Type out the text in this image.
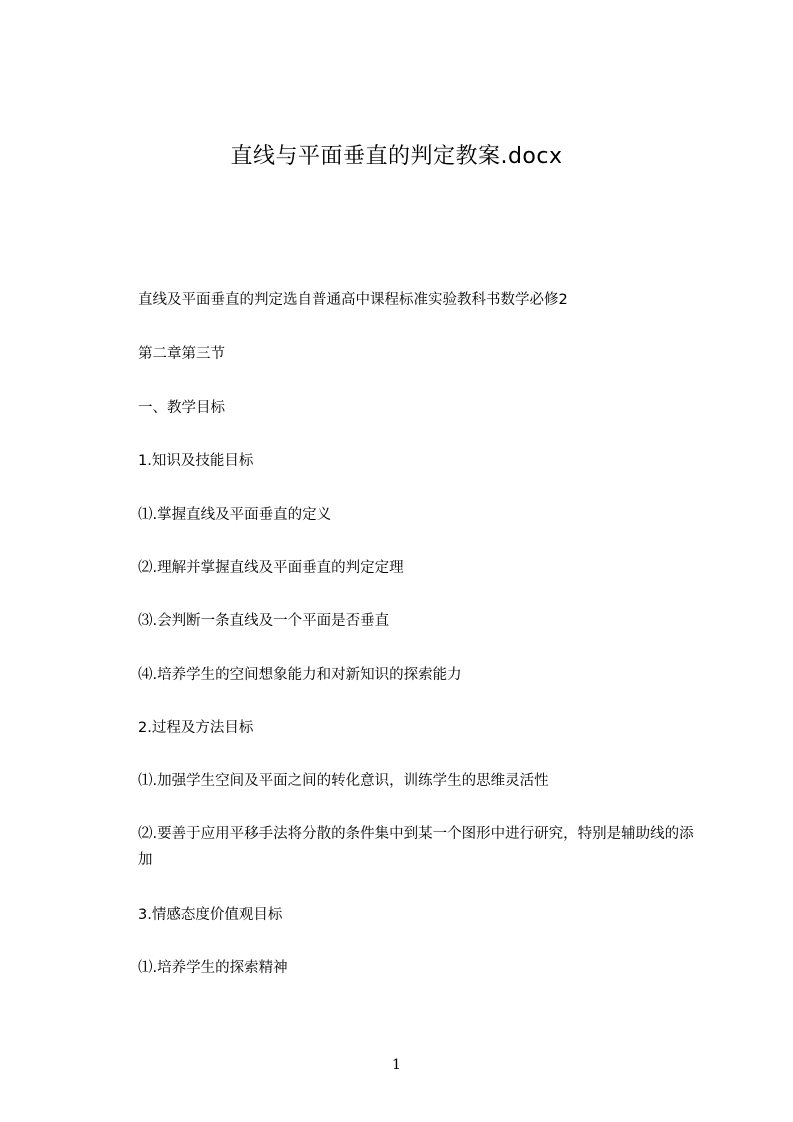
直线与平面垂直的判定教案.docx
直线及平面垂直的判定选自普通高中课程标准实验教科书数学必修2
第二章第三节
一、教学目标
1.知识及技能目标
⑴.掌握直线及平面垂直的定义
⑵.理解并掌握直线及平面垂直的判定定理
⑶.会判断一条直线及一个平面是否垂直
⑷.培养学生的空间想象能力和对新知识的探索能力
2.过程及方法目标
⑴.加强学生空间及平面之间的转化意识，训练学生的思维灵活性
⑵.要善于应用平移手法将分散的条件集中到某一个图形中进行研究，特别是辅助线的添加
3.情感态度价值观目标
⑴.培养学生的探索精神
1
